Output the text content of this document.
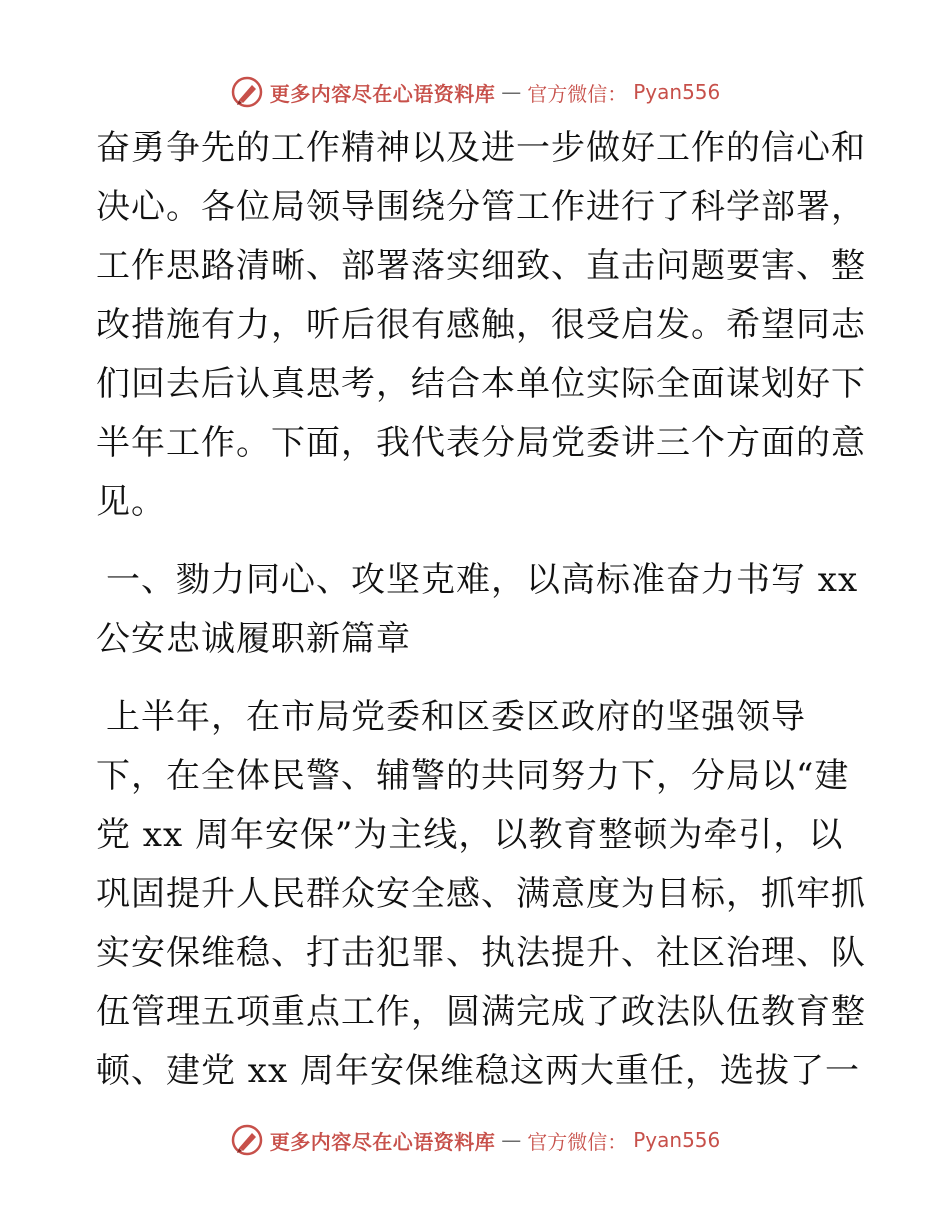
更多内容尽在心语资料库 — 官方微信： Pyan556
奋勇争先的工作精神以及进一步做好工作的信心和
决心。各位局领导围绕分管工作进行了科学部署，
工作思路清晰、部署落实细致、直击问题要害、整
改措施有力，听后很有感触，很受启发。希望同志
们回去后认真思考，结合本单位实际全面谋划好下
半年工作。下面，我代表分局党委讲三个方面的意
见。
一、勠力同心、攻坚克难，以高标准奋力书写 xx
公安忠诚履职新篇章
上半年，在市局党委和区委区政府的坚强领导
下，在全体民警、辅警的共同努力下，分局以“建
党 xx 周年安保”为主线，以教育整顿为牵引，以
巩固提升人民群众安全感、满意度为目标，抓牢抓
实安保维稳、打击犯罪、执法提升、社区治理、队
伍管理五项重点工作，圆满完成了政法队伍教育整
顿、建党 xx 周年安保维稳这两大重任，选拔了一
更多内容尽在心语资料库 — 官方微信： Pyan556
